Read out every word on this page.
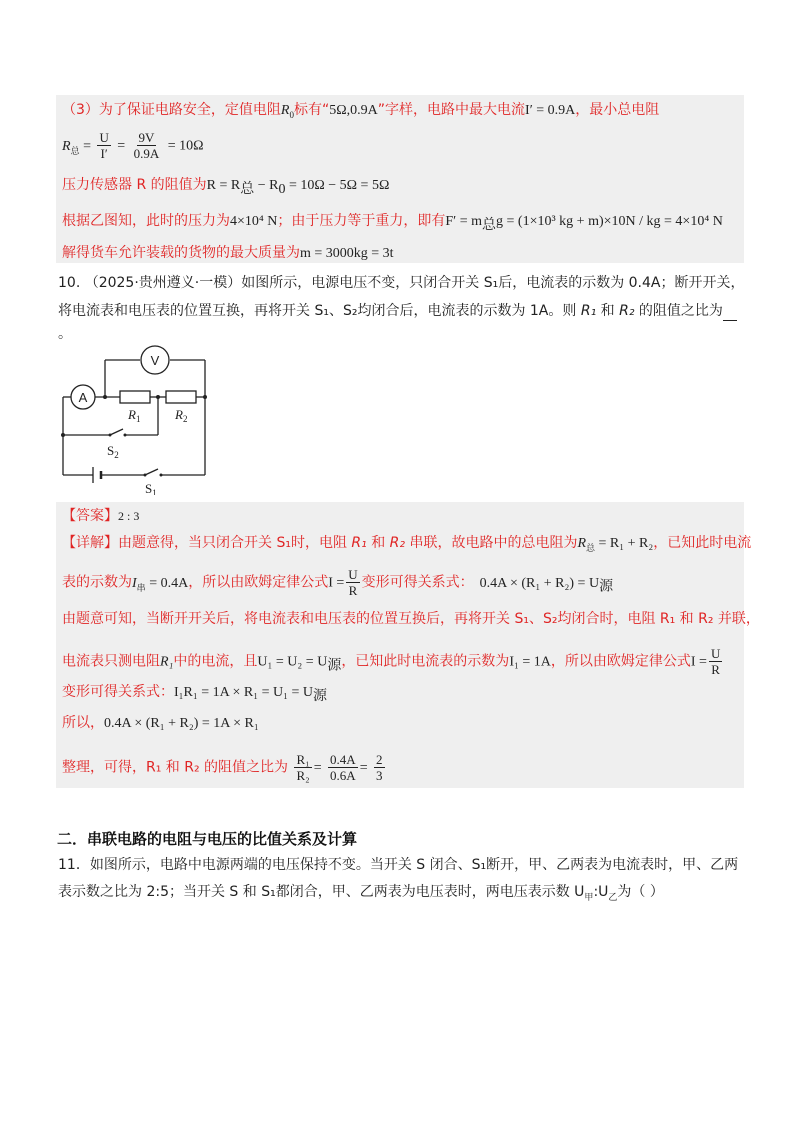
（3）为了保证电路安全，定值电阻$R_0$标有“5Ω,0.9A”字样，电路中最大电流I′ = 0.9A，最小总电阻
$R_总 = \frac{U}{I'} = \frac{9V}{0.9A} = 10\Omega$
压力传感器 R 的阻值为$R = R_总 - R_0 = 10\Omega - 5\Omega = 5\Omega$
根据乙图知，此时的压力为4×10⁴ N；由于压力等于重力，即有$F' = m_总g = (1\times 10^3$ kg + m)×10N / kg = 4×10⁴ N
解得货车允许装载的货物的最大质量为m = 3000kg = 3t
10. （2025·贵州遵义·一模）如图所示，电源电压不变，只闭合开关 S₁后，电流表的示数为 0.4A；断开开关，
将电流表和电压表的位置互换，再将开关 S₁、S₂均闭合后，电流表的示数为 1A。则 R₁ 和 R₂ 的阻值之比为
。
V
A
$R_1$	$R_2$
$S_2$
$S_1$
【答案】2 : 3
【详解】由题意得，当只闭合开关 S₁时，电阻 R₁ 和 R₂ 串联，故电路中的总电阻为$R_总 = R_1 + R_2$，已知此时电流
表的示数为$I_串 = 0.4A$，所以由欧姆定律公式$I = \frac{U}{R}$ 变形可得关系式： $0.4A \times (R_1 + R_2) = U_源$
由题意可知，当断开开关后，将电流表和电压表的位置互换后，再将开关 S₁、S₂均闭合时，电阻 R₁ 和 R₂ 并联，
电流表只测电阻R₁中的电流，且$U_1 = U_2 = U_源$，已知此时电流表的示数为I₁ = 1A，所以由欧姆定律公式$I = \frac{U}{R}$
变形可得关系式：$I_1R_1 = 1A \times R_1 = U_1 = U_源$
所以，0.4A × (R₁ + R₂) = 1A × R₁
整理，可得，R₁ 和 R₂ 的阻值之比为 $\frac{\text{R₁}}{\text{R₂}} = \frac{0.4A}{0.6A} = \frac{2}{3}$
二．串联电路的电阻与电压的比值关系及计算
11．如图所示，电路中电源两端的电压保持不变。当开关 S 闭合、S₁断开，甲、乙两表为电流表时，甲、乙两
表示数之比为 2:5；当开关 S 和 S₁都闭合，甲、乙两表为电压表时，两电压表示数 $U_甲:U_乙$为（ ）
